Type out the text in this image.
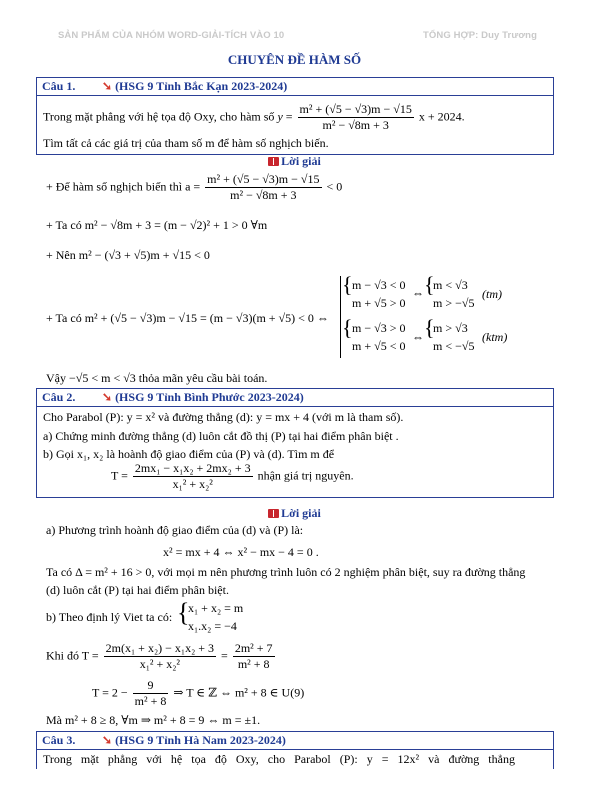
SẢN PHẨM CỦA NHÓM WORD-GIẢI-TÍCH VÀO 10	TỔNG HỢP: Duy Trương
CHUYÊN ĐỀ HÀM SỐ
Câu 1. ➘ (HSG 9 Tỉnh Bắc Kạn 2023-2024)
Trong mặt phẳng với hệ tọa độ Oxy, cho hàm số $y = \frac{\text{m² + (√5 − √3)m − √15}}{\text{m² − √8m + 3}}$ x + 2024.
Tìm tất cả các giá trị của tham số m để hàm số nghịch biến.
Lời giải
+ Để hàm số nghịch biến thì $a = \frac{\text{m² + (√5 − √3)m − √15}}{\text{m² − √8m + 3}} < 0$
+ Ta có m² − √8m + 3 = (m − √2)² + 1 > 0 ∀m
+ Nên m² − (√3 + √5)m + √15 < 0
+ Ta có m² + (√5 − √3)m − √15 = (m − √3)(m + √5) < 0 ⇔
{ m − √3 < 0
m + √5 > 0
⇔ {
m < √3
m > −√5
(tm)
{ m − √3 > 0
m + √5 < 0
⇔ {
m > √3
m < −√5
(ktm)
Vậy −√5 < m < √3 thỏa mãn yêu cầu bài toán.
Câu 2. ➘ (HSG 9 Tỉnh Bình Phước 2023-2024)
Cho Parabol (P): y = x² và đường thẳng (d): y = mx + 4 (với m là tham số).
a) Chứng minh đường thẳng (d) luôn cắt đồ thị (P) tại hai điểm phân biệt .
b) Gọi x₁, x₂ là hoành độ giao điểm của (P) và (d). Tìm m để
$T = \frac{\text{2mx₁ − x₁x₂ + 2mx₂ + 3}}{\text{x₁² + x₂²}}$ nhận giá trị nguyên.
Lời giải
a) Phương trình hoành độ giao điểm của (d) và (P) là:
x² = mx + 4 ⇔ x² − mx − 4 = 0 .
Ta có Δ = m² + 16 > 0, với mọi m nên phương trình luôn có 2 nghiệm phân biệt, suy ra đường thẳng
(d) luôn cắt (P) tại hai điểm phân biệt.
b) Theo định lý Viet ta có: {
x₁ + x₂ = m
x₁.x₂ = −4
Khi đó $T = \frac{\text{2m(x₁ + x₂) − x₁x₂ + 3}}{\text{x₁² + x₂²}} = \frac{\text{2m² + 7}}{\text{m² + 8}}$
$T = 2 - \frac{9}{\text{m² + 8}}$ ⇒ T ∈ ℤ ⇔ m² + 8 ∈ U(9)
Mà m² + 8 ≥ 8, ∀m ⇒ m² + 8 = 9 ⇔ m = ±1.
Câu 3. ➘ (HSG 9 Tỉnh Hà Nam 2023-2024)
Trong mặt phẳng với hệ tọa độ Oxy, cho Parabol (P): y = 12x² và đường thẳng
